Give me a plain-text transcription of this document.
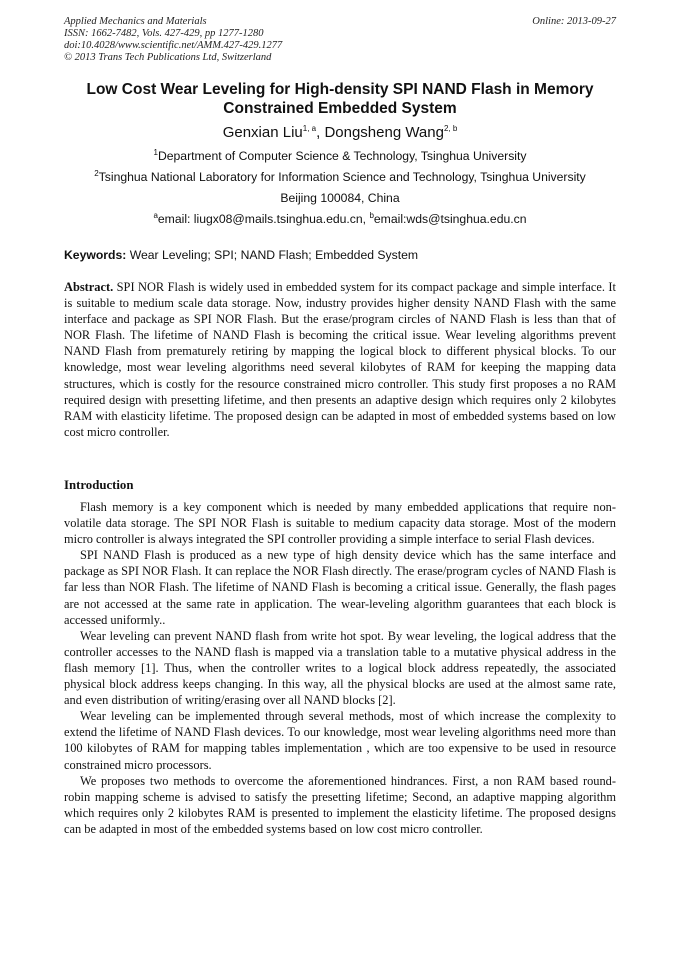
Applied Mechanics and Materials
ISSN: 1662-7482, Vols. 427-429, pp 1277-1280
doi:10.4028/www.scientific.net/AMM.427-429.1277
© 2013 Trans Tech Publications Ltd, Switzerland
Online: 2013-09-27
Low Cost Wear Leveling for High-density SPI NAND Flash in Memory Constrained Embedded System
Genxian Liu$^{1, a}$, Dongsheng Wang$^{2, b}$
$^1$Department of Computer Science & Technology, Tsinghua University
$^2$Tsinghua National Laboratory for Information Science and Technology, Tsinghua University
Beijing 100084, China
$^a$email: liugx08@mails.tsinghua.edu.cn, $^b$email:wds@tsinghua.edu.cn
Keywords: Wear Leveling; SPI; NAND Flash; Embedded System
Abstract. SPI NOR Flash is widely used in embedded system for its compact package and simple interface. It is suitable to medium scale data storage. Now, industry provides higher density NAND Flash with the same interface and package as SPI NOR Flash. But the erase/program circles of NAND Flash is less than that of NOR Flash. The lifetime of NAND Flash is becoming the critical issue. Wear leveling algorithms prevent NAND Flash from prematurely retiring by mapping the logical block to different physical blocks. To our knowledge, most wear leveling algorithms need several kilobytes of RAM for keeping the mapping data structures, which is costly for the resource constrained micro controller. This study first proposes a no RAM required design with presetting lifetime, and then presents an adaptive design which requires only 2 kilobytes RAM with elasticity lifetime. The proposed design can be adapted in most of embedded systems based on low cost micro controller.
Introduction

Flash memory is a key component which is needed by many embedded applications that require non-volatile data storage. The SPI NOR Flash is suitable to medium capacity data storage. Most of the modern micro controller is always integrated the SPI controller providing a simple interface to serial Flash devices.

SPI NAND Flash is produced as a new type of high density device which has the same interface and package as SPI NOR Flash. It can replace the NOR Flash directly. The erase/program cycles of NAND Flash is far less than NOR Flash. The lifetime of NAND Flash is becoming a critical issue. Generally, the flash pages are not accessed at the same rate in application. The wear-leveling algorithm guarantees that each block is accessed uniformly..

Wear leveling can prevent NAND flash from write hot spot. By wear leveling, the logical address that the controller accesses to the NAND flash is mapped via a translation table to a mutative physical address in the flash memory [1]. Thus, when the controller writes to a logical block address repeatedly, the associated physical block address keeps changing. In this way, all the physical blocks are used at the almost same rate, and even distribution of writing/erasing over all NAND blocks [2].

Wear leveling can be implemented through several methods, most of which increase the complexity to extend the lifetime of NAND Flash devices. To our knowledge, most wear leveling algorithms need more than 100 kilobytes of RAM for mapping tables implementation , which are too expensive to be used in resource constrained micro processors.

We proposes two methods to overcome the aforementioned hindrances. First, a non RAM based round-robin mapping scheme is advised to satisfy the presetting lifetime; Second, an adaptive mapping algorithm which requires only 2 kilobytes RAM is presented to implement the elasticity lifetime. The proposed designs can be adapted in most of the embedded systems based on low cost micro controller.
